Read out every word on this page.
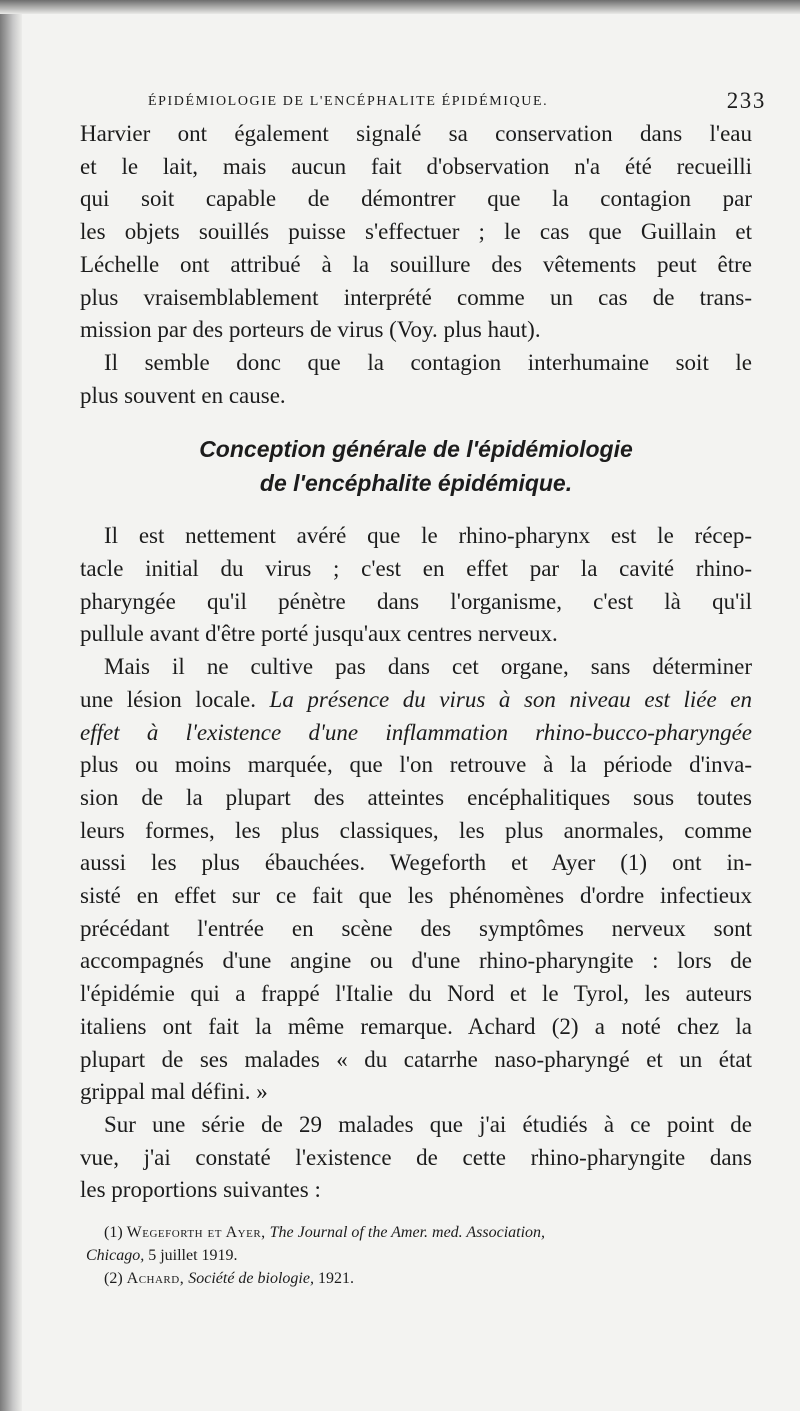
ÉPIDÉMIOLOGIE DE L'ENCÉPHALITE ÉPIDÉMIQUE.	233

Harvier ont également signalé sa conservation dans l'eau
et le lait, mais aucun fait d'observation n'a été recueilli
qui soit capable de démontrer que la contagion par
les objets souillés puisse s'effectuer ; le cas que Guillain et
Léchelle ont attribué à la souillure des vêtements peut être
plus vraisemblablement interprété comme un cas de trans-
mission par des porteurs de virus (Voy. plus haut).

Il semble donc que la contagion interhumaine soit le
plus souvent en cause.

Conception générale de l'épidémiologie
de l'encéphalite épidémique.

Il est nettement avéré que le rhino-pharynx est le récep-
tacle initial du virus ; c'est en effet par la cavité rhino-
pharyngée qu'il pénètre dans l'organisme, c'est là qu'il
pullule avant d'être porté jusqu'aux centres nerveux.

Mais il ne cultive pas dans cet organe, sans déterminer
une lésion locale. La présence du virus à son niveau est liée en
effet à l'existence d'une inflammation rhino-bucco-pharyngée
plus ou moins marquée, que l'on retrouve à la période d'inva-
sion de la plupart des atteintes encéphalitiques sous toutes
leurs formes, les plus classiques, les plus anormales, comme
aussi les plus ébauchées. Wegeforth et Ayer (1) ont in-
sisté en effet sur ce fait que les phénomènes d'ordre infectieux
précédant l'entrée en scène des symptômes nerveux sont
accompagnés d'une angine ou d'une rhino-pharyngite : lors de
l'épidémie qui a frappé l'Italie du Nord et le Tyrol, les auteurs
italiens ont fait la même remarque. Achard (2) a noté chez la
plupart de ses malades « du catarrhe naso-pharyngé et un état
grippal mal défini. »

Sur une série de 29 malades que j'ai étudiés à ce point de
vue, j'ai constaté l'existence de cette rhino-pharyngite dans
les proportions suivantes :

(1) Wegeforth et Ayer, The Journal of the Amer. med. Association,
Chicago, 5 juillet 1919.
(2) Achard, Société de biologie, 1921.
